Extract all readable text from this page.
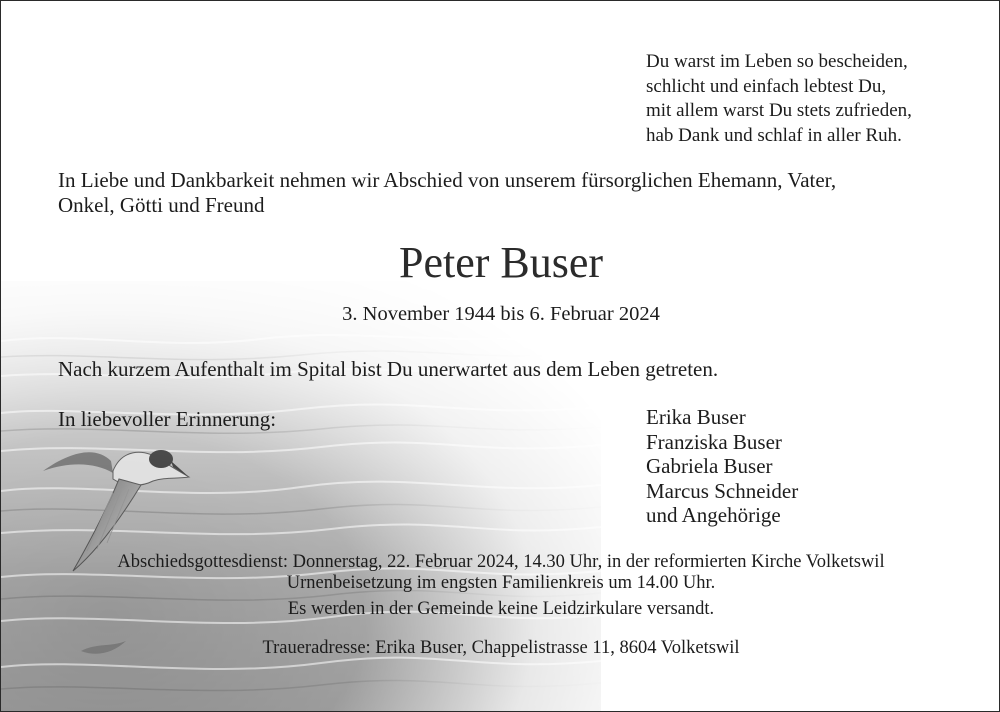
Du warst im Leben so bescheiden,
schlicht und einfach lebtest Du,
mit allem warst Du stets zufrieden,
hab Dank und schlaf in aller Ruh.
In Liebe und Dankbarkeit nehmen wir Abschied von unserem fürsorglichen Ehemann, Vater,
Onkel, Götti und Freund
Peter Buser
3. November 1944 bis 6. Februar 2024
Nach kurzem Aufenthalt im Spital bist Du unerwartet aus dem Leben getreten.
In liebevoller Erinnerung:	Erika Buser
Franziska Buser
Gabriela Buser
Marcus Schneider
und Angehörige
Abschiedsgottesdienst: Donnerstag, 22. Februar 2024, 14.30 Uhr, in der reformierten Kirche Volketswil
Urnenbeisetzung im engsten Familienkreis um 14.00 Uhr.
Es werden in der Gemeinde keine Leidzirkulare versandt.
Traueradresse: Erika Buser, Chappelistrasse 11, 8604 Volketswil
